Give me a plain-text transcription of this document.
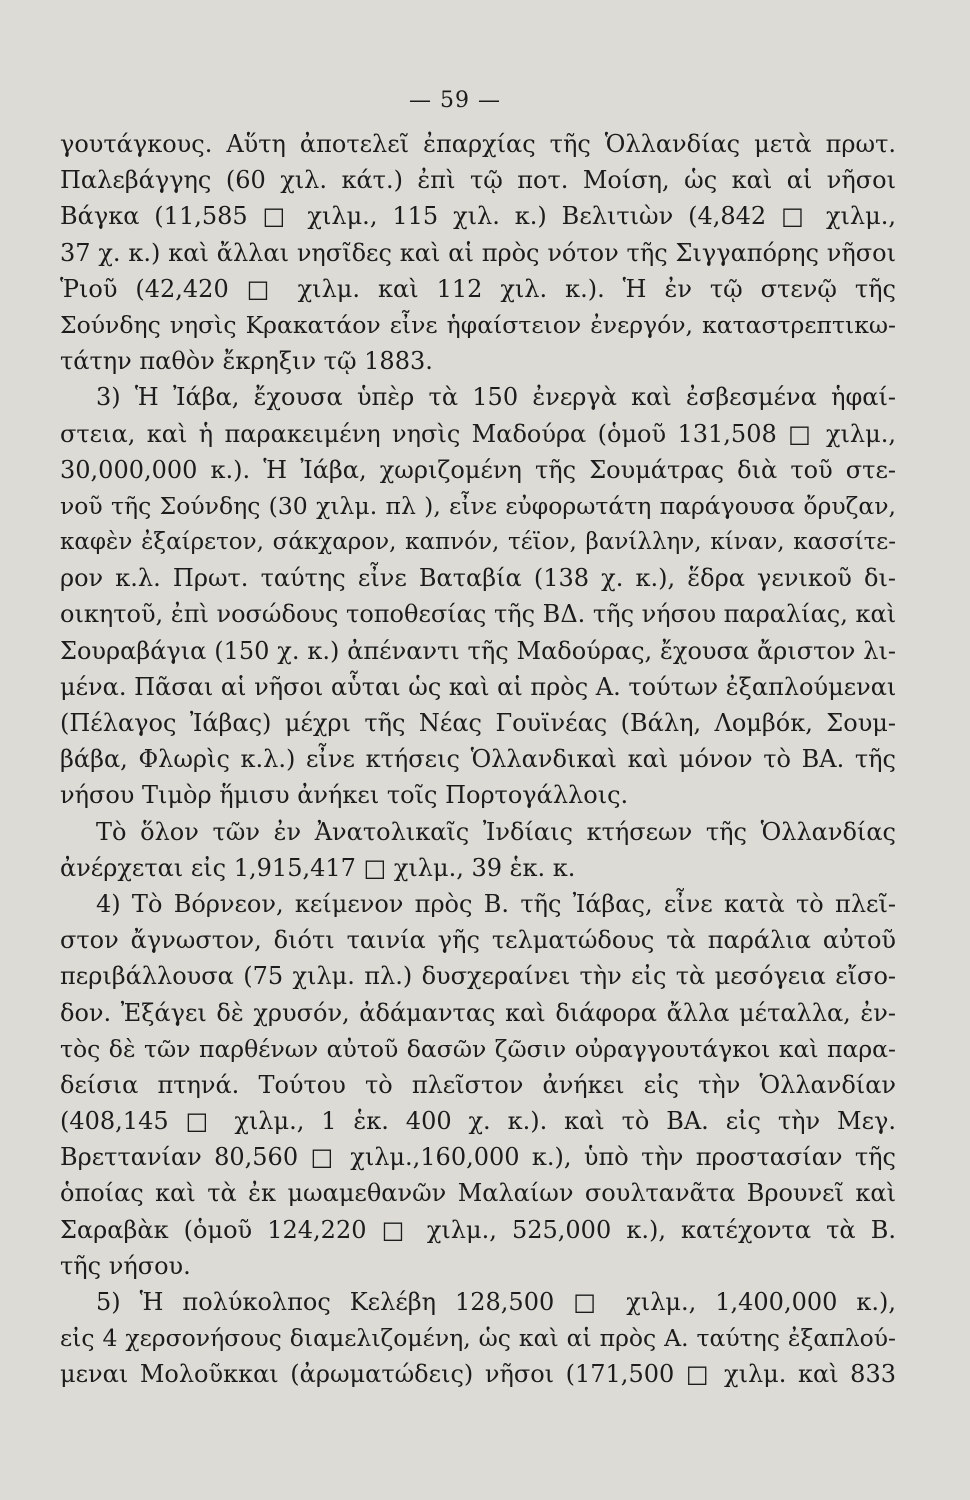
— 59 —
γουτάγκους. Αὕτη ἀποτελεῖ ἐπαρχίας τῆς Ὁλλανδίας μετὰ πρωτ.
Παλεβάγγης (60 χιλ. κάτ.) ἐπὶ τῷ ποτ. Μοίση, ὡς καὶ αἱ νῆσοι
Βάγκα (11,585 □ χιλμ., 115 χιλ. κ.) Βελιτιὼν (4,842 □ χιλμ.,
37 χ. κ.) καὶ ἄλλαι νησῖδες καὶ αἱ πρὸς νότον τῆς Σιγγαπόρης νῆσοι
Ῥιοῦ (42,420 □ χιλμ. καὶ 112 χιλ. κ.). Ἡ ἐν τῷ στενῷ τῆς
Σούνδης νησὶς Κρακατάον εἶνε ἡφαίστειον ἐνεργόν, καταστρεπτικω-
τάτην παθὸν ἔκρηξιν τῷ 1883.
3) Ἡ Ἰάβα, ἔχουσα ὑπὲρ τὰ 150 ἐνεργὰ καὶ ἐσβεσμένα ἡφαί-
στεια, καὶ ἡ παρακειμένη νησὶς Μαδούρα (ὁμοῦ 131,508 □ χιλμ.,
30,000,000 κ.). Ἡ Ἰάβα, χωριζομένη τῆς Σουμάτρας διὰ τοῦ στε-
νοῦ τῆς Σούνδης (30 χιλμ. πλ ), εἶνε εὐφορωτάτη παράγουσα ὄρυζαν,
καφὲν ἐξαίρετον, σάκχαρον, καπνόν, τέϊον, βανίλλην, κίναν, κασσίτε-
ρον κ.λ. Πρωτ. ταύτης εἶνε Βαταβία (138 χ. κ.), ἕδρα γενικοῦ δι-
οικητοῦ, ἐπὶ νοσώδους τοποθεσίας τῆς ΒΔ. τῆς νήσου παραλίας, καὶ
Σουραβάγια (150 χ. κ.) ἀπέναντι τῆς Μαδούρας, ἔχουσα ἄριστον λι-
μένα. Πᾶσαι αἱ νῆσοι αὗται ὡς καὶ αἱ πρὸς Α. τούτων ἐξαπλούμεναι
(Πέλαγος Ἰάβας) μέχρι τῆς Νέας Γουϊνέας (Βάλη, Λομβόκ, Σουμ-
βάβα, Φλωρὶς κ.λ.) εἶνε κτήσεις Ὁλλανδικαὶ καὶ μόνον τὸ ΒΑ. τῆς
νήσου Τιμὸρ ἥμισυ ἀνήκει τοῖς Πορτογάλλοις.
Τὸ ὅλον τῶν ἐν Ἀνατολικαῖς Ἰνδίαις κτήσεων τῆς Ὁλλανδίας
ἀνέρχεται εἰς 1,915,417 □ χιλμ., 39 ἑκ. κ.
4) Τὸ Βόρνεον, κείμενον πρὸς Β. τῆς Ἰάβας, εἶνε κατὰ τὸ πλεῖ-
στον ἄγνωστον, διότι ταινία γῆς τελματώδους τὰ παράλια αὐτοῦ
περιβάλλουσα (75 χιλμ. πλ.) δυσχεραίνει τὴν εἰς τὰ μεσόγεια εἴσο-
δον. Ἐξάγει δὲ χρυσόν, ἀδάμαντας καὶ διάφορα ἄλλα μέταλλα, ἐν-
τὸς δὲ τῶν παρθένων αὐτοῦ δασῶν ζῶσιν οὐραγγουτάγκοι καὶ παρα-
δείσια πτηνά. Τούτου τὸ πλεῖστον ἀνήκει εἰς τὴν Ὁλλανδίαν
(408,145 □ χιλμ., 1 ἑκ. 400 χ. κ.). καὶ τὸ ΒΑ. εἰς τὴν Μεγ.
Βρεττανίαν 80,560 □ χιλμ.,160,000 κ.), ὑπὸ τὴν προστασίαν τῆς
ὁποίας καὶ τὰ ἐκ μωαμεθανῶν Μαλαίων σουλτανᾶτα Βρουνεῖ καὶ
Σαραβὰκ (ὁμοῦ 124,220 □ χιλμ., 525,000 κ.), κατέχοντα τὰ Β.
τῆς νήσου.
5) Ἡ πολύκολπος Κελέβη 128,500 □ χιλμ., 1,400,000 κ.),
εἰς 4 χερσονήσους διαμελιζομένη, ὡς καὶ αἱ πρὸς Α. ταύτης ἐξαπλού-
μεναι Μολοῦκκαι (ἀρωματώδεις) νῆσοι (171,500 □ χιλμ. καὶ 833
